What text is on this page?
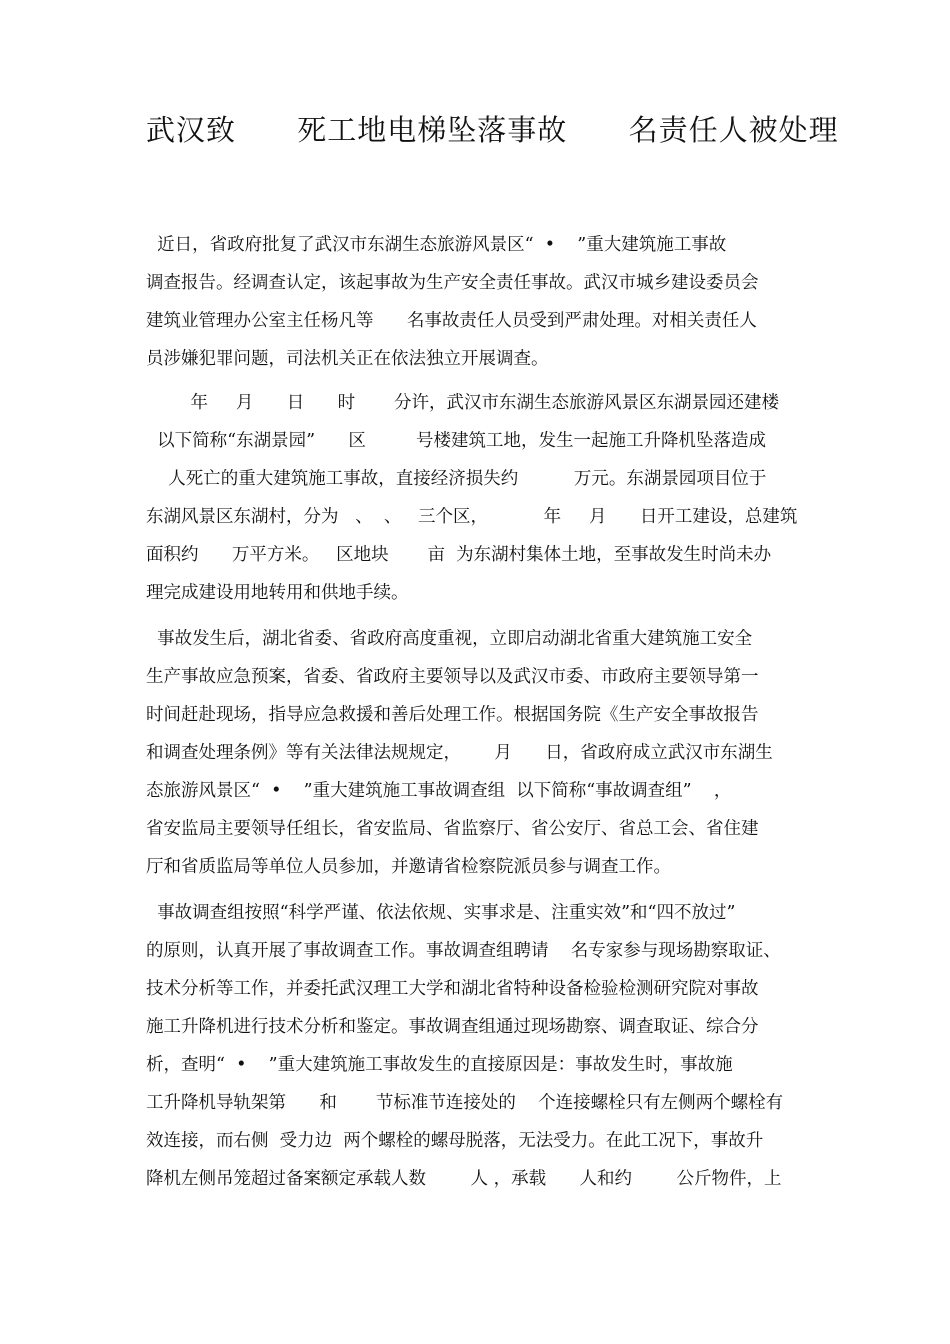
武汉致      死工地电梯坠落事故      名责任人被处理

近日，省政府批复了武汉市东湖生态旅游风景区“  •    ”重大建筑施工事故
调查报告。经调查认定，该起事故为生产安全责任事故。武汉市城乡建设委员会
建筑业管理办公室主任杨凡等      名事故责任人员受到严肃处理。对相关责任人
员涉嫌犯罪问题，司法机关正在依法独立开展调查。

年     月      日      时       分许，武汉市东湖生态旅游风景区东湖景园还建楼
以下简称“东湖景园”      区         号楼建筑工地，发生一起施工升降机坠落造成
人死亡的重大建筑施工事故，直接经济损失约          万元。东湖景园项目位于
东湖风景区东湖村，分为   、  、   三个区，          年     月      日开工建设，总建筑
面积约      万平方米。   区地块       亩  为东湖村集体土地，至事故发生时尚未办
理完成建设用地转用和供地手续。

事故发生后，湖北省委、省政府高度重视，立即启动湖北省重大建筑施工安全
生产事故应急预案，省委、省政府主要领导以及武汉市委、市政府主要领导第一
时间赶赴现场，指导应急救援和善后处理工作。根据国务院《生产安全事故报告
和调查处理条例》等有关法律法规规定，      月      日，省政府成立武汉市东湖生
态旅游风景区“  •    ”重大建筑施工事故调查组  以下简称“事故调查组”    ，
省安监局主要领导任组长，省安监局、省监察厅、省公安厅、省总工会、省住建
厅和省质监局等单位人员参加，并邀请省检察院派员参与调查工作。

事故调查组按照“科学严谨、依法依规、实事求是、注重实效”和“四不放过”
的原则，认真开展了事故调查工作。事故调查组聘请    名专家参与现场勘察取证、
技术分析等工作，并委托武汉理工大学和湖北省特种设备检验检测研究院对事故
施工升降机进行技术分析和鉴定。事故调查组通过现场勘察、调查取证、综合分
析，查明“  •    ”重大建筑施工事故发生的直接原因是：事故发生时，事故施
工升降机导轨架第      和       节标准节连接处的    个连接螺栓只有左侧两个螺栓有
效连接，而右侧  受力边  两个螺栓的螺母脱落，无法受力。在此工况下，事故升
降机左侧吊笼超过备案额定承载人数        人 ，承载      人和约        公斤物件，上
